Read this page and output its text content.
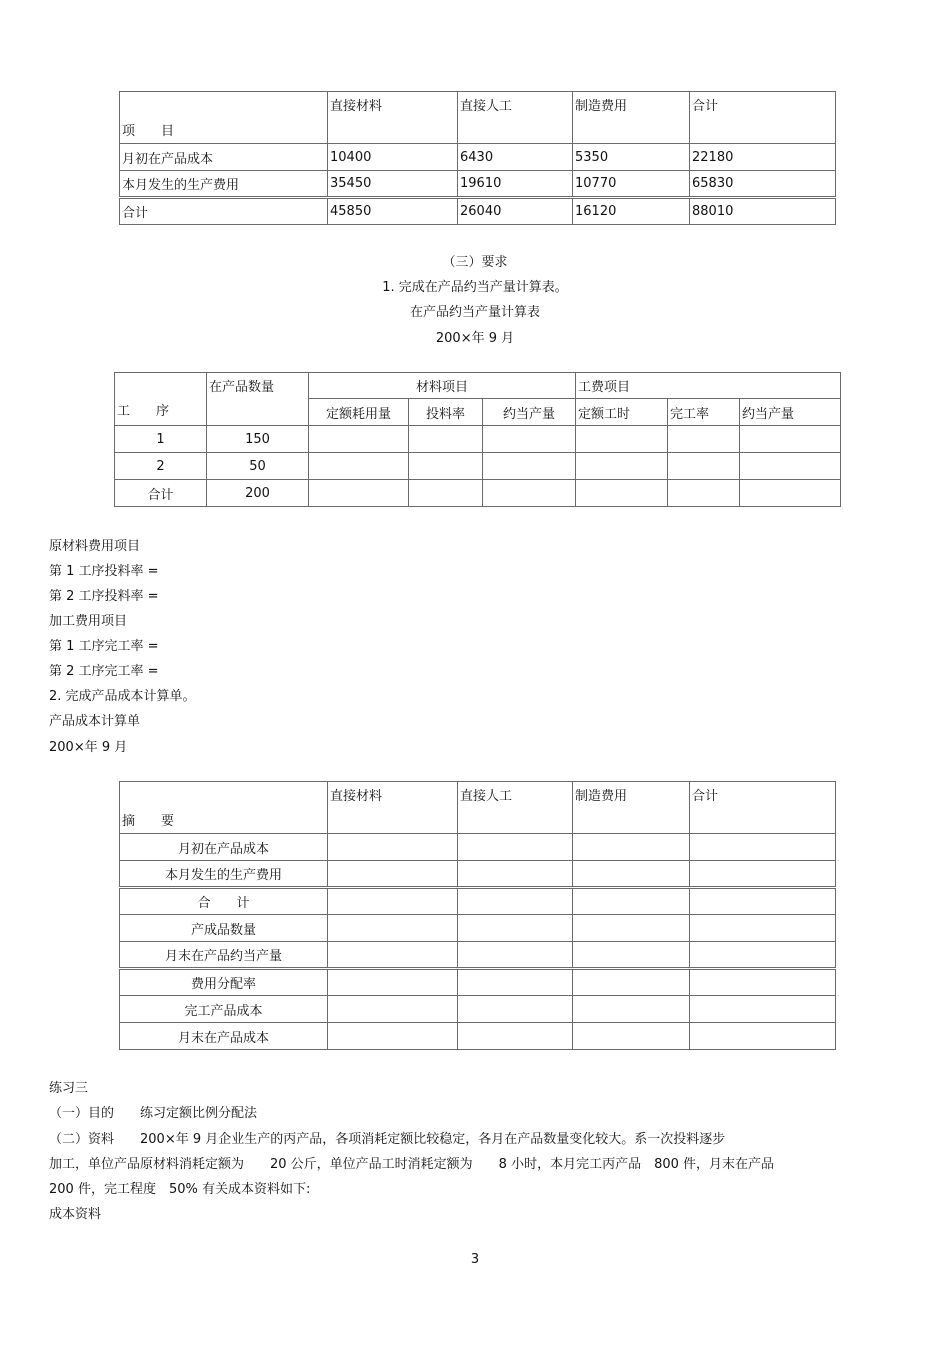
项　　目	直接材料	直接人工	制造费用	合计
月初在产品成本	10400	6430	5350	22180
本月发生的生产费用	35450	19610	10770	65830
合计	45850	26040	16120	88010
（三）要求
1. 完成在产品约当产量计算表。
在产品约当产量计算表
200×年 9 月
工　　序	在产品数量	材料项目			工费项目		
		定额耗用量	投料率	约当产量	定额工时	完工率	约当产量
1	150						
2	50						
合计	200						
原材料费用项目
第 1 工序投料率 =
第 2 工序投料率 =
加工费用项目
第 1 工序完工率 =
第 2 工序完工率 =
2. 完成产品成本计算单。
产品成本计算单
200×年 9 月
摘　　要	直接材料	直接人工	制造费用	合计
月初在产品成本				
本月发生的生产费用				
合　　计				
产成品数量				
月末在产品约当产量				
费用分配率				
完工产品成本				
月末在产品成本				
练习三
（一）目的　　练习定额比例分配法
（二）资料　　200×年 9 月企业生产的丙产品，各项消耗定额比较稳定，各月在产品数量变化较大。系一次投料逐步
加工，单位产品原材料消耗定额为　　20 公斤，单位产品工时消耗定额为　　8 小时，本月完工丙产品　800 件，月末在产品
200 件，完工程度　50% 有关成本资料如下:
成本资料
3
